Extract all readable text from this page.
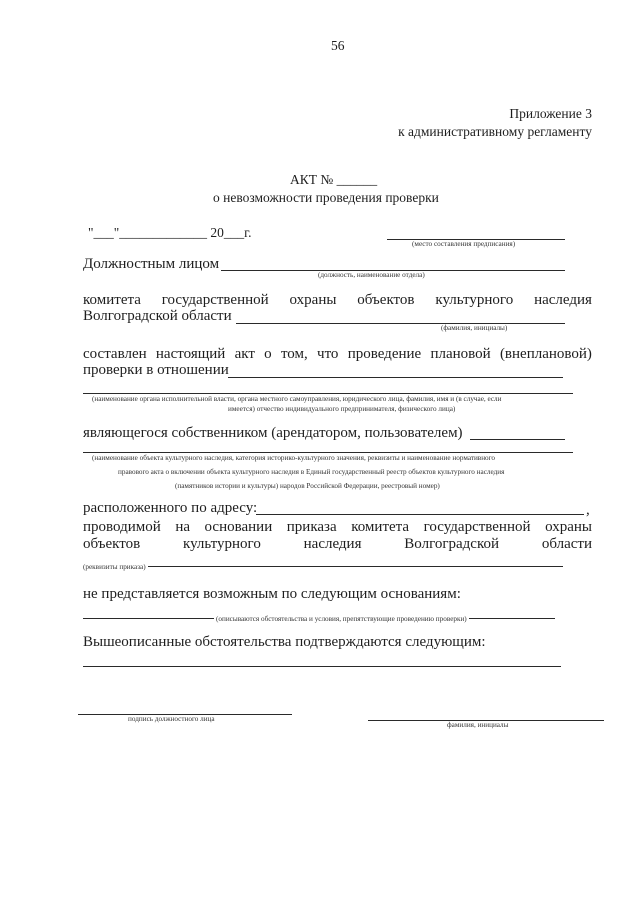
56
Приложение 3
к административному регламенту
АКТ № ______
о невозможности проведения проверки
"___"_____________ 20___г.
(место составления предписания)
Должностным лицом
(должность, наименование отдела)
комитета государственной охраны объектов культурного наследия
Волгоградской области
(фамилия, инициалы)
составлен настоящий акт о том, что проведение плановой (внеплановой)
проверки в отношении
(наименование органа исполнительной власти, органа местного самоуправления, юридического лица, фамилия, имя и (в случае, если
имеется) отчество индивидуального предпринимателя, физического лица)
являющегося собственником (арендатором, пользователем)
(наименование объекта культурного наследия, категория историко-культурного значения, реквизиты и наименование нормативного
правового акта о включении объекта культурного наследия в Единый государственный реестр объектов культурного наследия
(памятников истории и культуры) народов Российской Федерации, реестровый номер)
расположенного по адресу:	,
проводимой на основании приказа комитета государственной охраны
объектов	культурного	наследия	Волгоградской	области
(реквизиты приказа)
не представляется возможным по следующим основаниям:
(описываются обстоятельства и условия, препятствующие проведению проверки)
Вышеописанные обстоятельства подтверждаются следующим:
подпись должностного лица
фамилия, инициалы
